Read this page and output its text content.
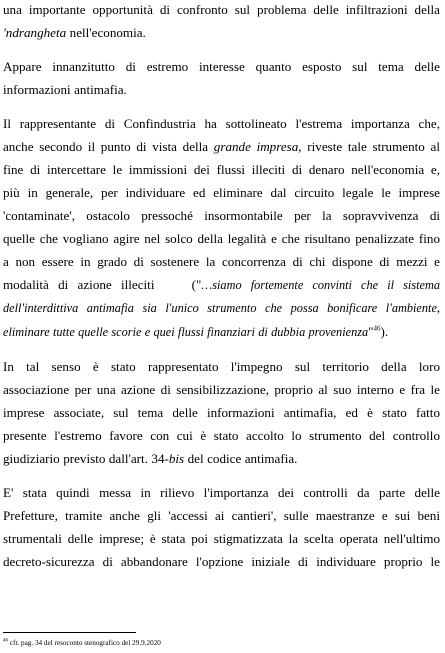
una importante opportunità di confronto sul problema delle infiltrazioni della
'ndrangheta nell'economia.

Appare innanzitutto di estremo interesse quanto esposto sul tema delle
informazioni antimafia.

Il rappresentante di Confindustria ha sottolineato l'estrema importanza che,
anche secondo il punto di vista della grande impresa, riveste tale strumento al
fine di intercettare le immissioni dei flussi illeciti di denaro nell'economia e,
più in generale, per individuare ed eliminare dal circuito legale le imprese
'contaminate', ostacolo pressoché insormontabile per la sopravvivenza di
quelle che vogliano agire nel solco della legalità e che risultano penalizzate fino
a non essere in grado di sostenere la concorrenza di chi dispone di mezzi e
modalità di azione illeciti    ("…siamo fortemente convinti che il sistema
dell'interdittiva antimafia sia l'unico strumento che possa bonificare l'ambiente,
eliminare tutte quelle scorie e quei flussi finanziari di dubbia provenienza"$^{46}$).

In tal senso è stato rappresentato l'impegno sul territorio della loro
associazione per una azione di sensibilizzazione, proprio al suo interno e fra le
imprese associate, sul tema delle informazioni antimafia, ed è stato fatto
presente l'estremo favore con cui è stato accolto lo strumento del controllo
giudiziario previsto dall'art. 34-bis del codice antimafia.

E' stata quindi messa in rilievo l'importanza dei controlli da parte delle
Prefetture, tramite anche gli 'accessi ai cantieri', sulle maestranze e sui beni
strumentali delle imprese; è stata poi stigmatizzata la scelta operata nell'ultimo
decreto-sicurezza di abbandonare l'opzione iniziale di individuare proprio le

$^{46}$ cfr. pag. 34 del resoconto stenografico del 29.9.2020
